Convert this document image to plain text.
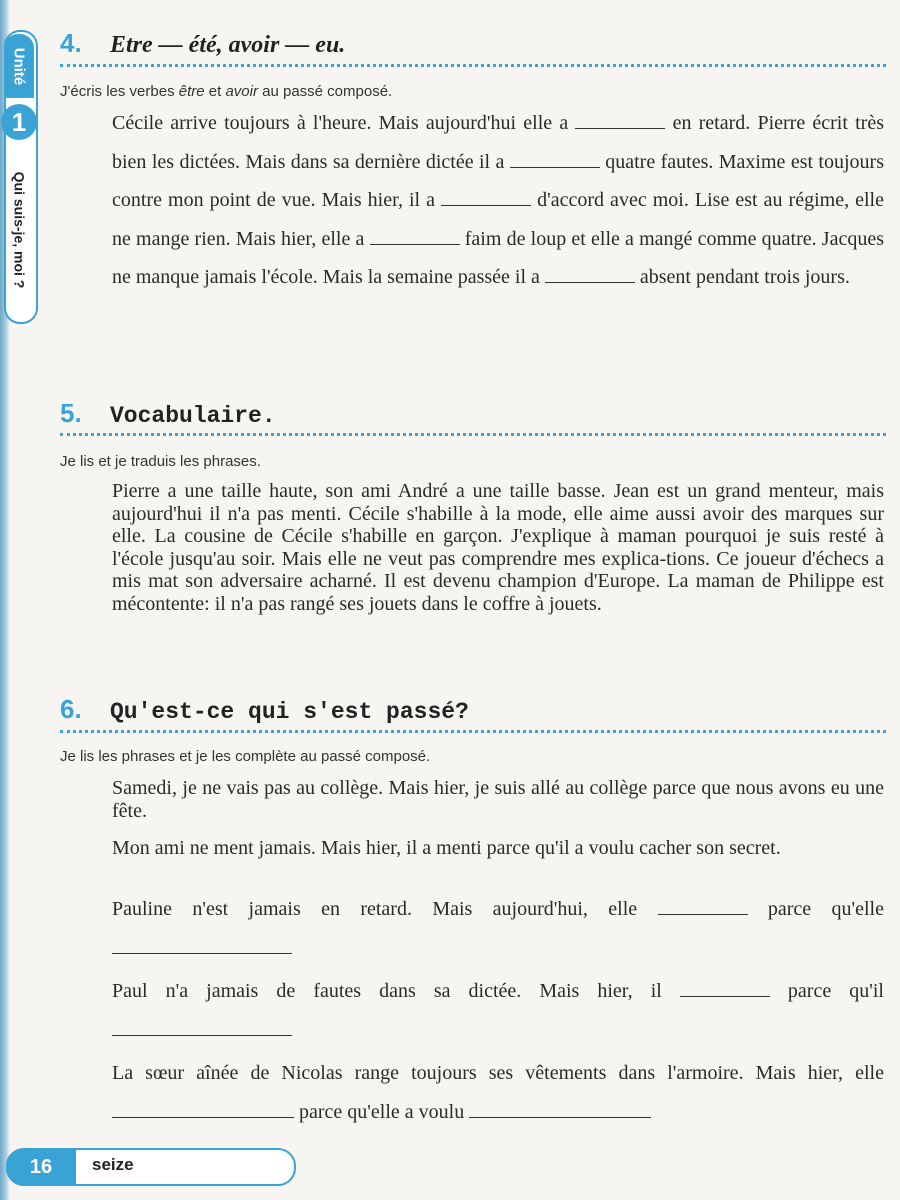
Unité
1
Qui suis-je, moi ?
4.	Etre — été, avoir — eu.
J'écris les verbes être et avoir au passé composé.
Cécile arrive toujours à l'heure. Mais aujourd'hui elle a	en retard. Pierre écrit très bien les dictées. Mais dans sa dernière dictée il a	quatre fautes. Maxime est toujours contre mon point de vue. Mais hier, il a	d'accord avec moi. Lise est au régime, elle ne mange rien. Mais hier, elle a	faim de loup et elle a mangé comme quatre. Jacques ne manque jamais l'école. Mais la semaine passée il a	absent pendant trois jours.
5.	Vocabulaire.
Je lis et je traduis les phrases.
Pierre a une taille haute, son ami André a une taille basse. Jean est un grand menteur, mais aujourd'hui il n'a pas menti. Cécile s'habille à la mode, elle aime aussi avoir des marques sur elle. La cousine de Cécile s'habille en garçon. J'explique à maman pourquoi je suis resté à l'école jusqu'au soir. Mais elle ne veut pas comprendre mes explica-tions. Ce joueur d'échecs a mis mat son adversaire acharné. Il est devenu champion d'Europe. La maman de Philippe est mécontente: il n'a pas rangé ses jouets dans le coffre à jouets.
6.	Qu'est-ce qui s'est passé?
Je lis les phrases et je les complète au passé composé.
Samedi, je ne vais pas au collège. Mais hier, je suis allé au collège parce que nous avons eu une fête.
Mon ami ne ment jamais. Mais hier, il a menti parce qu'il a voulu cacher son secret.
Pauline n'est jamais en retard. Mais aujourd'hui, elle	parce qu'elle
Paul n'a jamais de fautes dans sa dictée. Mais hier, il	parce qu'il
La sœur aînée de Nicolas range toujours ses vêtements dans l'armoire. Mais hier, elle  parce qu'elle a voulu
16	seize
